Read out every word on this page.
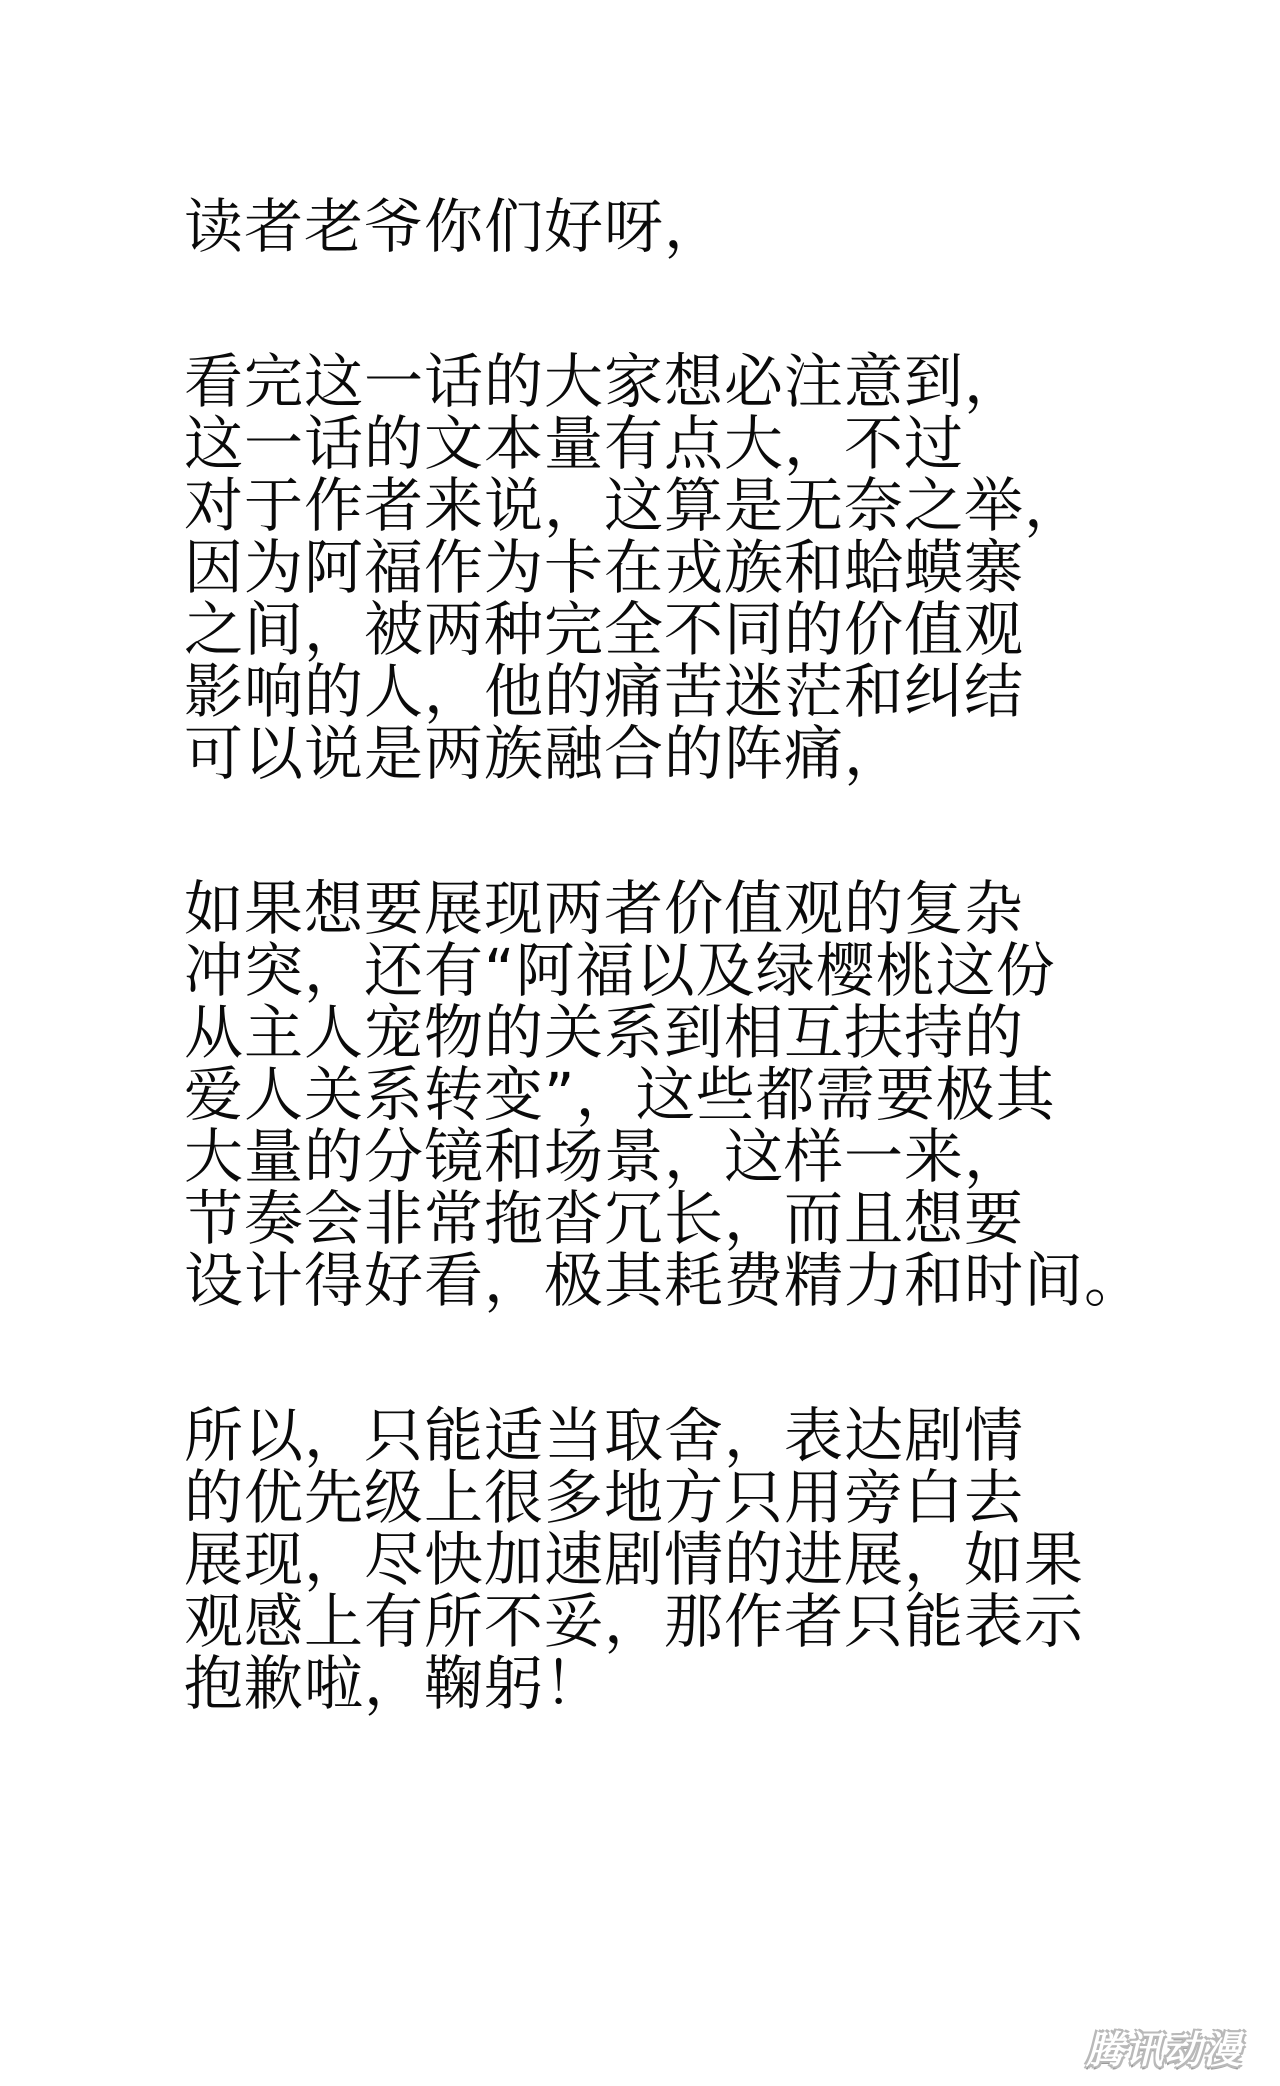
读者老爷你们好呀，
看完这一话的大家想必注意到，
这一话的文本量有点大，不过
对于作者来说，这算是无奈之举，
因为阿福作为卡在戎族和蛤蟆寨
之间，被两种完全不同的价值观
影响的人，他的痛苦迷茫和纠结
可以说是两族融合的阵痛，
如果想要展现两者价值观的复杂
冲突，还有“阿福以及绿樱桃这份
从主人宠物的关系到相互扶持的
爱人关系转变”，这些都需要极其
大量的分镜和场景，这样一来，
节奏会非常拖沓冗长，而且想要
设计得好看，极其耗费精力和时间。
所以，只能适当取舍，表达剧情
的优先级上很多地方只用旁白去
展现，尽快加速剧情的进展，如果
观感上有所不妥，那作者只能表示
抱歉啦，鞠躬！
腾讯动漫
